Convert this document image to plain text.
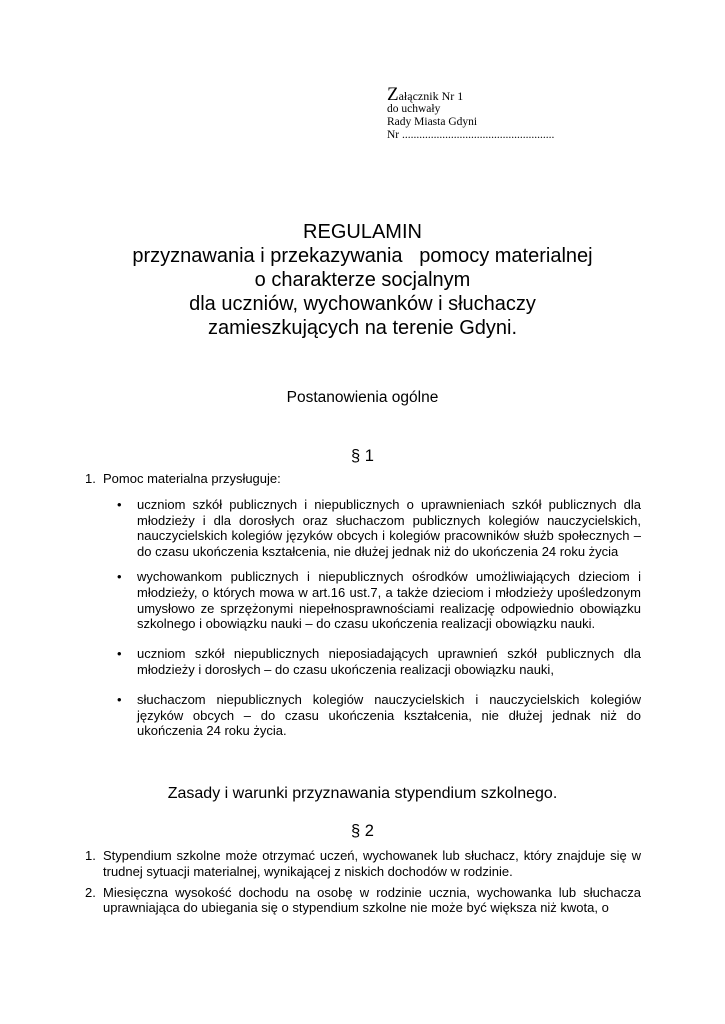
Załącznik Nr 1
do uchwały
Rady Miasta Gdyni
Nr .....................................................
REGULAMIN
przyznawania i przekazywania   pomocy materialnej
o charakterze socjalnym
dla uczniów, wychowanków i słuchaczy
zamieszkujących na terenie Gdyni.
Postanowienia ogólne
§ 1
1. Pomoc materialna przysługuje:
• uczniom szkół publicznych i niepublicznych o uprawnieniach szkół publicznych dla młodzieży i dla dorosłych oraz słuchaczom publicznych kolegiów nauczycielskich, nauczycielskich kolegiów języków obcych i kolegiów pracowników służb społecznych – do czasu ukończenia kształcenia, nie dłużej jednak niż do ukończenia 24 roku życia
• wychowankom publicznych i niepublicznych ośrodków umożliwiających dzieciom i młodzieży, o których mowa w art.16 ust.7, a także dzieciom i młodzieży upośledzonym umysłowo ze sprzężonymi niepełnosprawnościami realizację odpowiednio obowiązku szkolnego i obowiązku nauki – do czasu ukończenia realizacji obowiązku nauki.
• uczniom szkół niepublicznych nieposiadających uprawnień szkół publicznych dla młodzieży i dorosłych – do czasu ukończenia realizacji obowiązku nauki,
• słuchaczom niepublicznych kolegiów nauczycielskich i nauczycielskich kolegiów języków obcych – do czasu ukończenia kształcenia, nie dłużej jednak niż do ukończenia 24 roku życia.
Zasady i warunki przyznawania stypendium szkolnego.
§ 2
1. Stypendium szkolne może otrzymać uczeń, wychowanek lub słuchacz, który znajduje się w trudnej sytuacji materialnej, wynikającej z niskich dochodów w rodzinie.
2. Miesięczna wysokość dochodu na osobę w rodzinie ucznia, wychowanka lub słuchacza uprawniająca do ubiegania się o stypendium szkolne nie może być większa niż kwota, o
